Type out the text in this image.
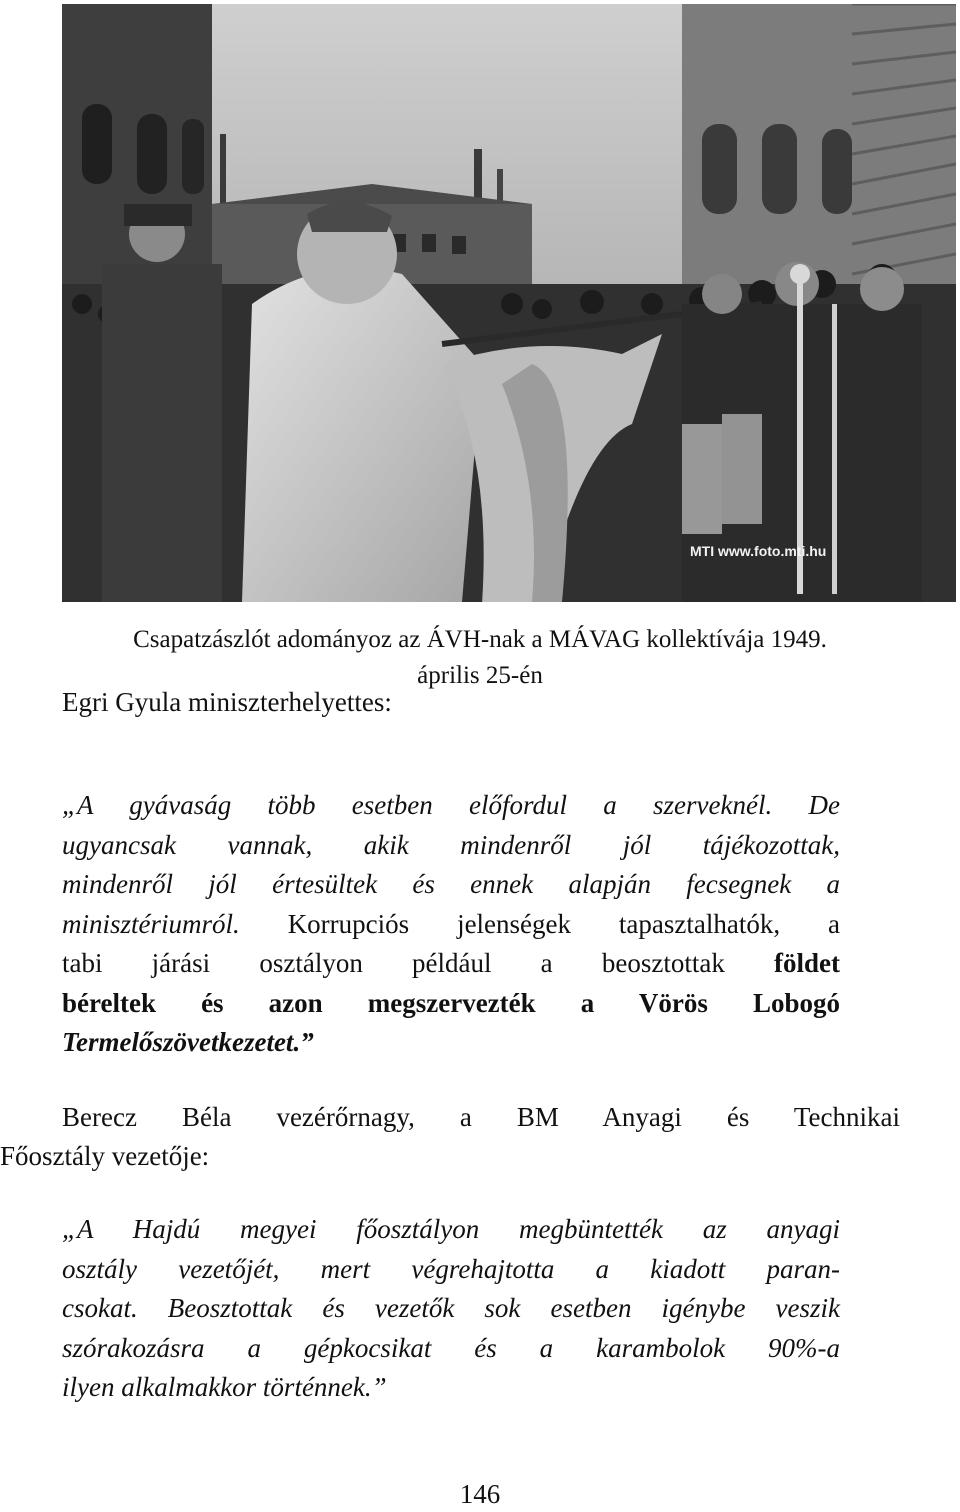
MTI www.foto.mti.hu
Csapatzászlót adományoz az ÁVH-nak a MÁVAG kollektívája 1949.
április 25-én
Egri Gyula miniszterhelyettes:
„A gyávaság több esetben előfordul a szerveknél. De
ugyancsak vannak, akik mindenről jól tájékozottak,
mindenről jól értesültek és ennek alapján fecsegnek a
minisztériumról. Korrupciós jelenségek tapasztalhatók, a
tabi járási osztályon például a beosztottak földet
béreltek és azon megszervezték a Vörös Lobogó
Termelőszövetkezetet.”
Berecz Béla vezérőrnagy, a BM Anyagi és Technikai
Főosztály vezetője:
„A Hajdú megyei főosztályon megbüntették az anyagi
osztály vezetőjét, mert végrehajtotta a kiadott paran-
csokat. Beosztottak és vezetők sok esetben igénybe veszik
szórakozásra a gépkocsikat és a karambolok 90%-a
ilyen alkalmakkor történnek.”
146
